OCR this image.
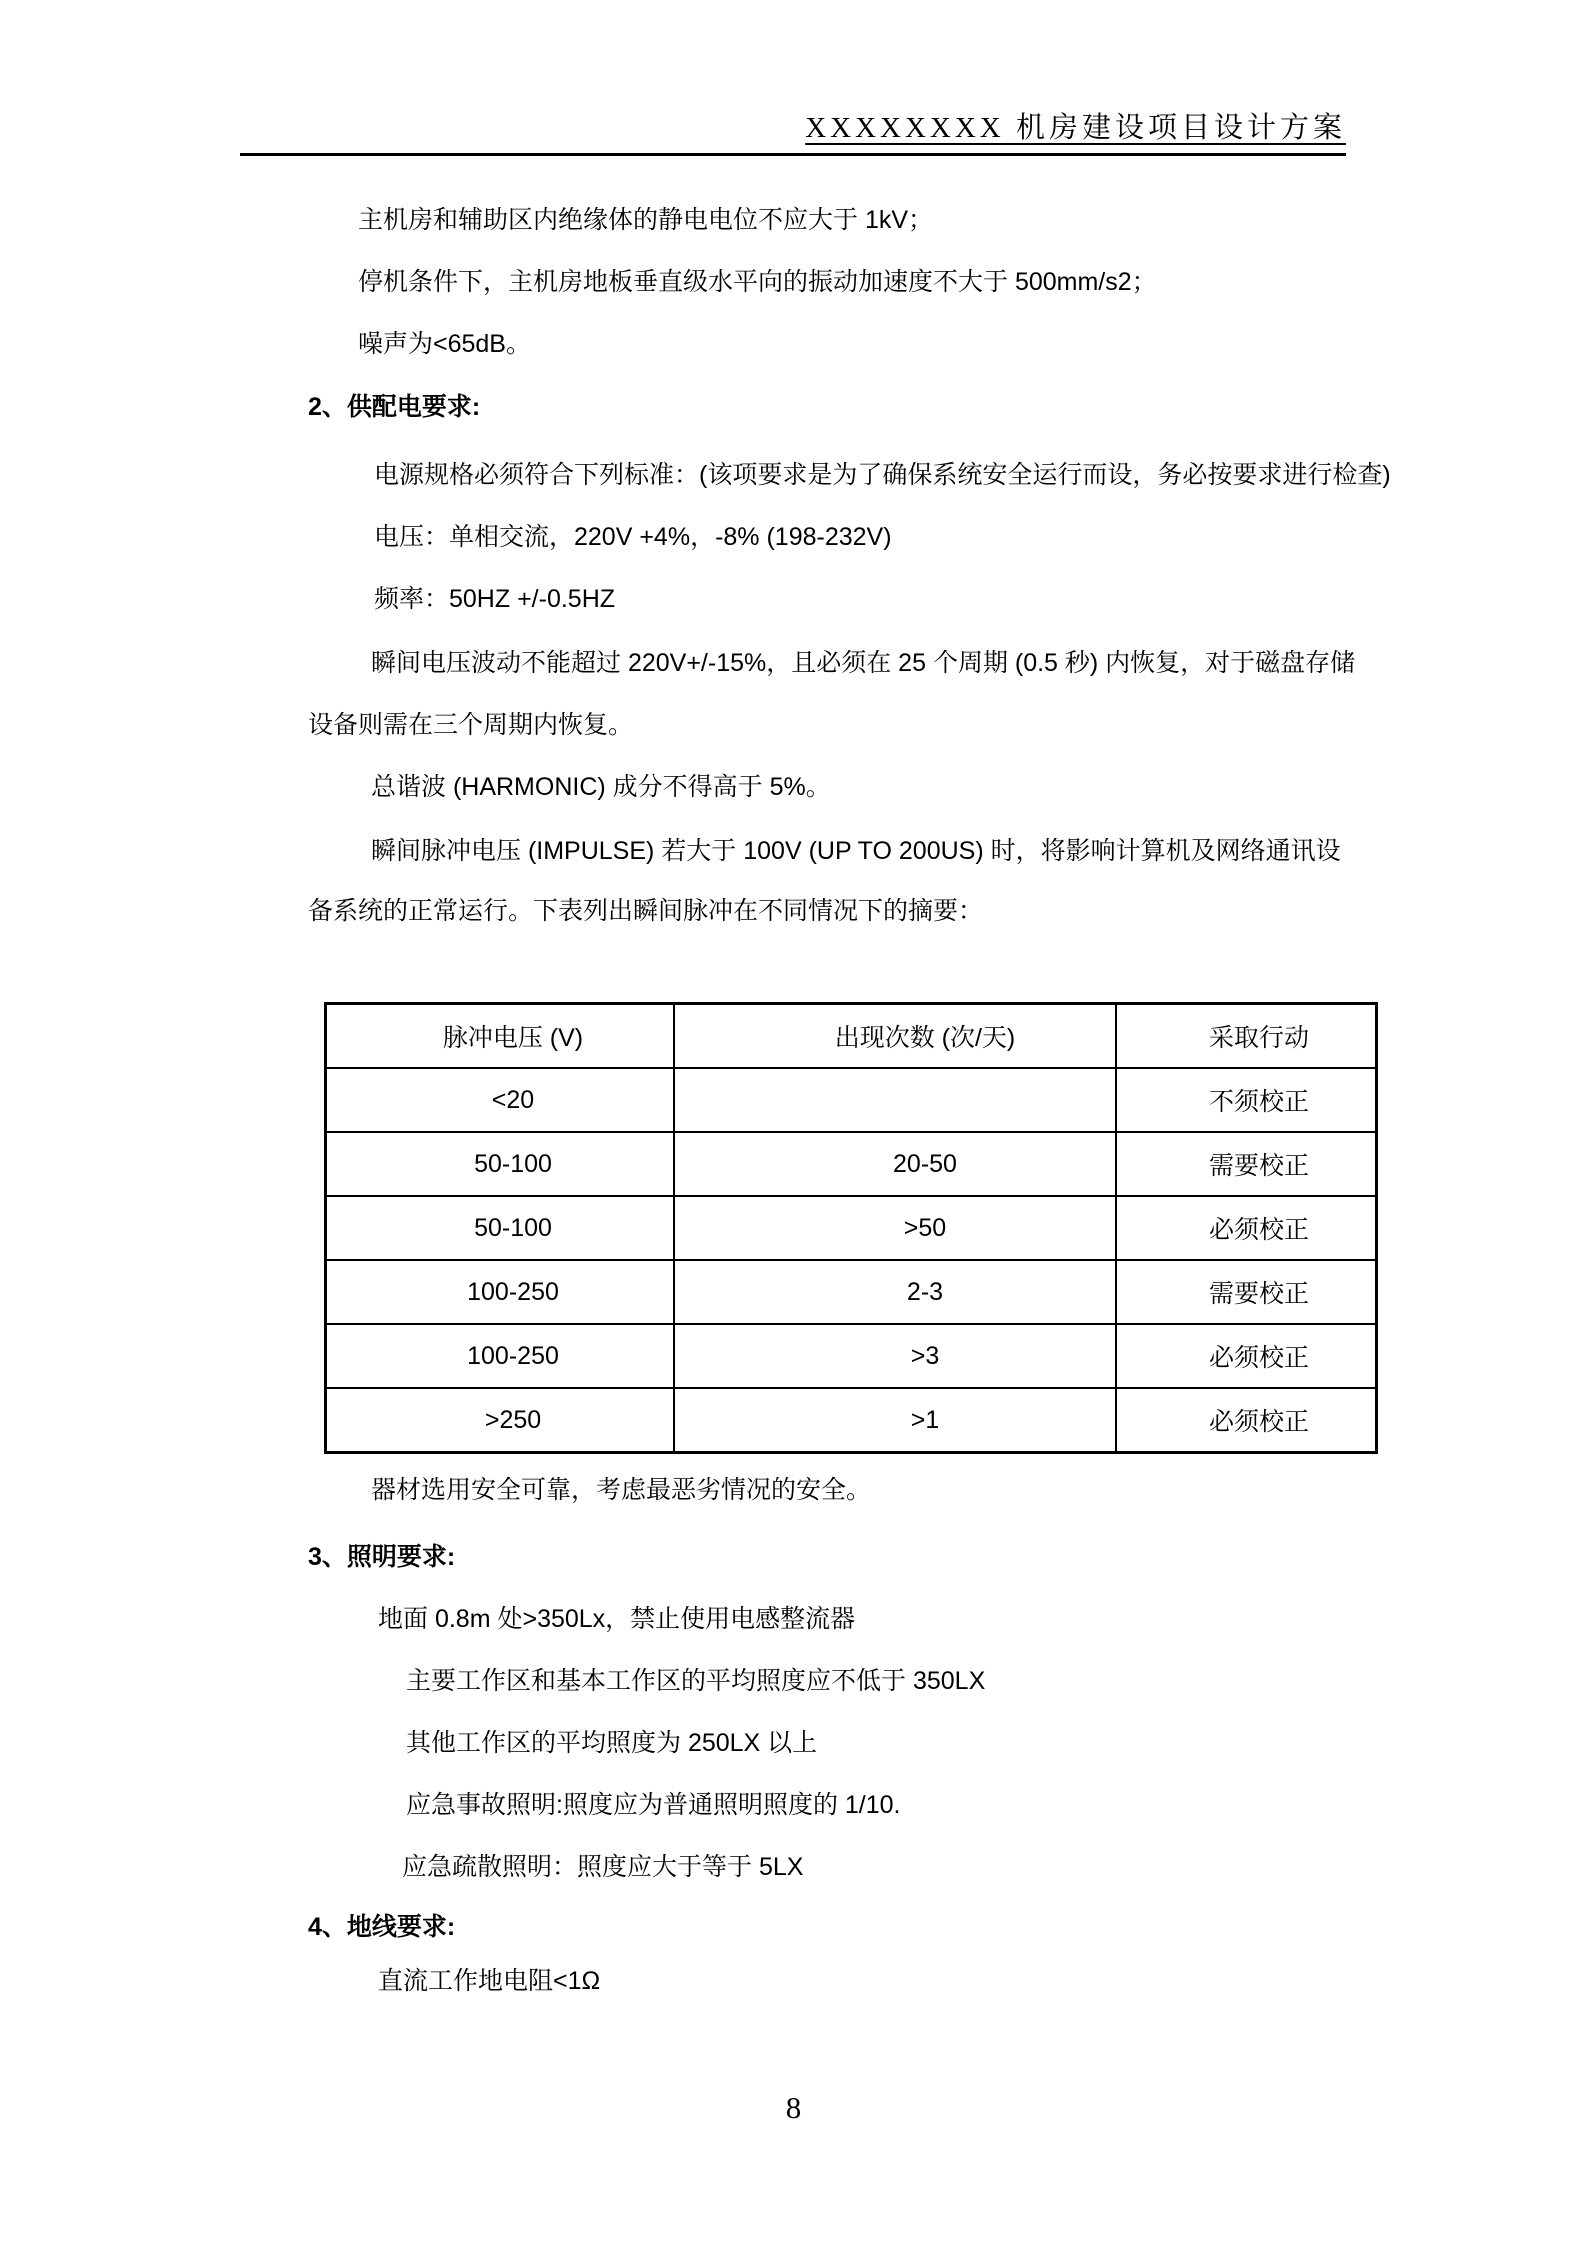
XXXXXXXX 机房建设项目设计方案
主机房和辅助区内绝缘体的静电电位不应大于 1kV；
停机条件下，主机房地板垂直级水平向的振动加速度不大于 500mm/s2；
噪声为<65dB。
2、供配电要求:
电源规格必须符合下列标准：(该项要求是为了确保系统安全运行而设，务必按要求进行检查)
电压：单相交流，220V +4%，-8% (198-232V)
频率：50HZ +/-0.5HZ
瞬间电压波动不能超过 220V+/-15%，且必须在 25 个周期 (0.5 秒) 内恢复，对于磁盘存储
设备则需在三个周期内恢复。
总谐波 (HARMONIC) 成分不得高于 5%。
瞬间脉冲电压 (IMPULSE) 若大于 100V (UP TO 200US) 时，将影响计算机及网络通讯设
备系统的正常运行。下表列出瞬间脉冲在不同情况下的摘要：
脉冲电压 (V)	出现次数 (次/天)	采取行动
<20		不须校正
50-100	20-50	需要校正
50-100	>50	必须校正
100-250	2-3	需要校正
100-250	>3	必须校正
>250	>1	必须校正
器材选用安全可靠，考虑最恶劣情况的安全。
3、照明要求:
地面 0.8m 处>350Lx，禁止使用电感整流器
主要工作区和基本工作区的平均照度应不低于 350LX
其他工作区的平均照度为 250LX 以上
应急事故照明:照度应为普通照明照度的 1/10.
应急疏散照明：照度应大于等于 5LX
4、地线要求:
直流工作地电阻<1Ω
8
